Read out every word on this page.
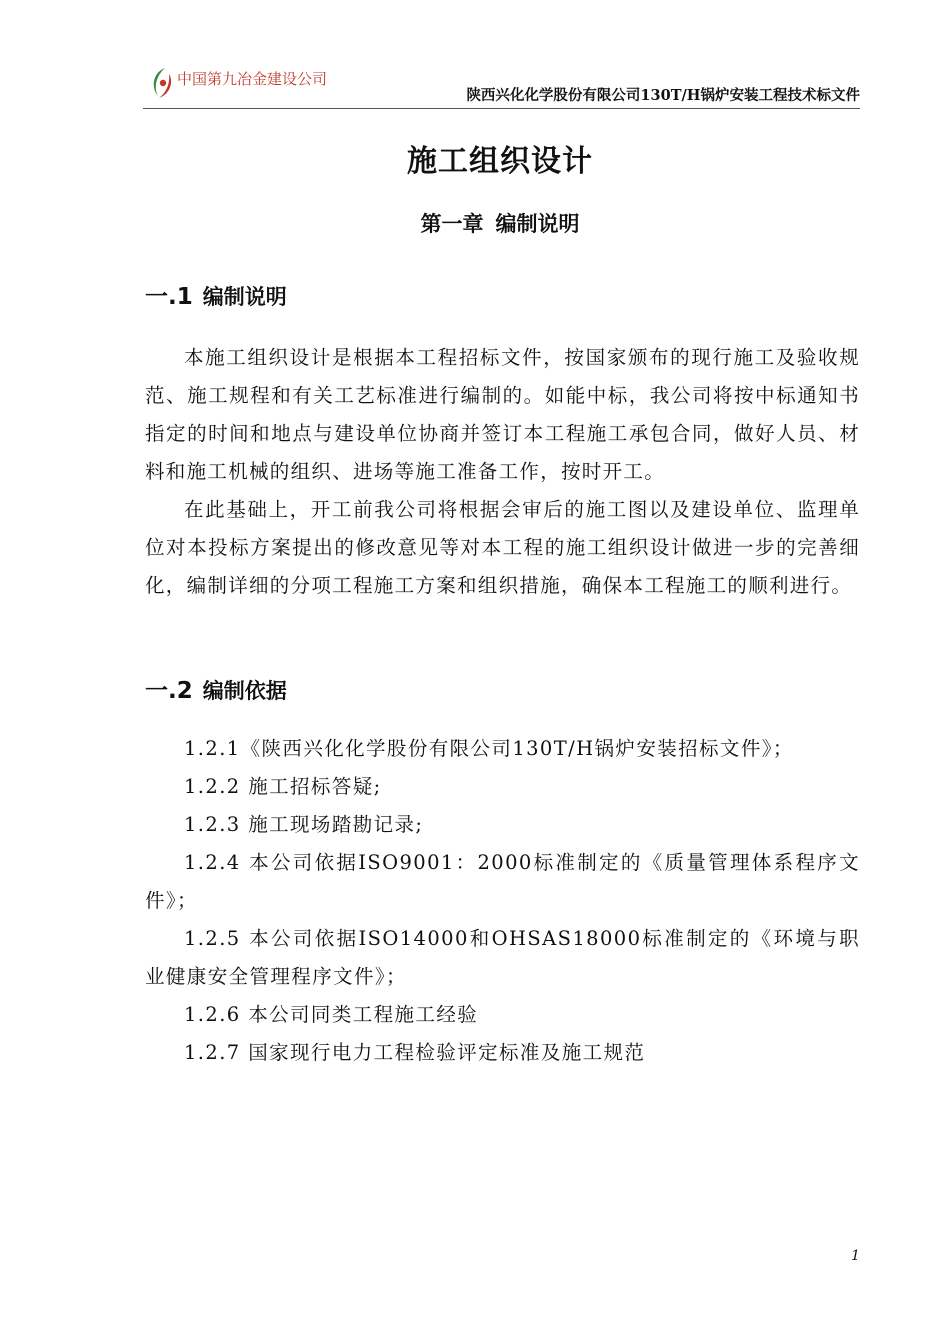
中国第九冶金建设公司
陕西兴化化学股份有限公司130T/H锅炉安装工程技术标文件
施工组织设计
第一章 编制说明
一.1 编制说明

本施工组织设计是根据本工程招标文件，按国家颁布的现行施工及验收规范、施工规程和有关工艺标准进行编制的。如能中标，我公司将按中标通知书指定的时间和地点与建设单位协商并签订本工程施工承包合同，做好人员、材料和施工机械的组织、进场等施工准备工作，按时开工。

在此基础上，开工前我公司将根据会审后的施工图以及建设单位、监理单位对本投标方案提出的修改意见等对本工程的施工组织设计做进一步的完善细化，编制详细的分项工程施工方案和组织措施，确保本工程施工的顺利进行。

一.2 编制依据
1.2.1《陕西兴化化学股份有限公司130T/H锅炉安装招标文件》；
1.2.2 施工招标答疑;
1.2.3 施工现场踏勘记录;
1.2.4 本公司依据ISO9001：2000标准制定的《质量管理体系程序文件》；
1.2.5 本公司依据ISO14000和OHSAS18000标准制定的《环境与职业健康安全管理程序文件》；
1.2.6 本公司同类工程施工经验
1.2.7 国家现行电力工程检验评定标准及施工规范
1
